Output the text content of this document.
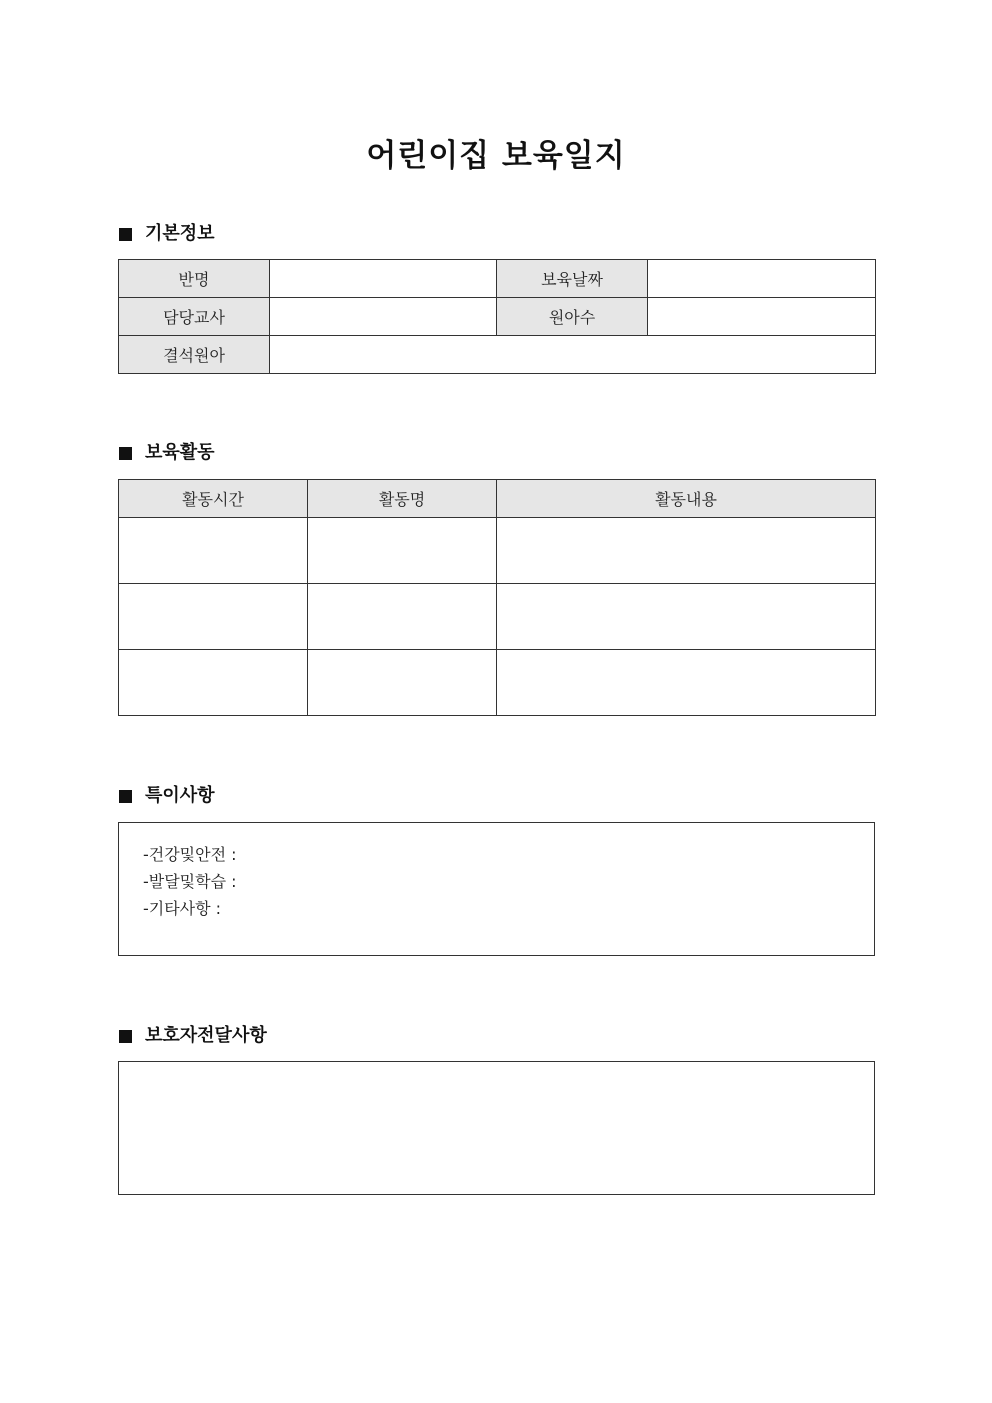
어린이집 보육일지
기본정보
반명		보육날짜	
담당교사		원아수	
결석원아			
보육활동
활동시간	활동명	활동내용

특이사항
-건강및안전 :
-발달및학습 :
-기타사항 :
보호자전달사항
